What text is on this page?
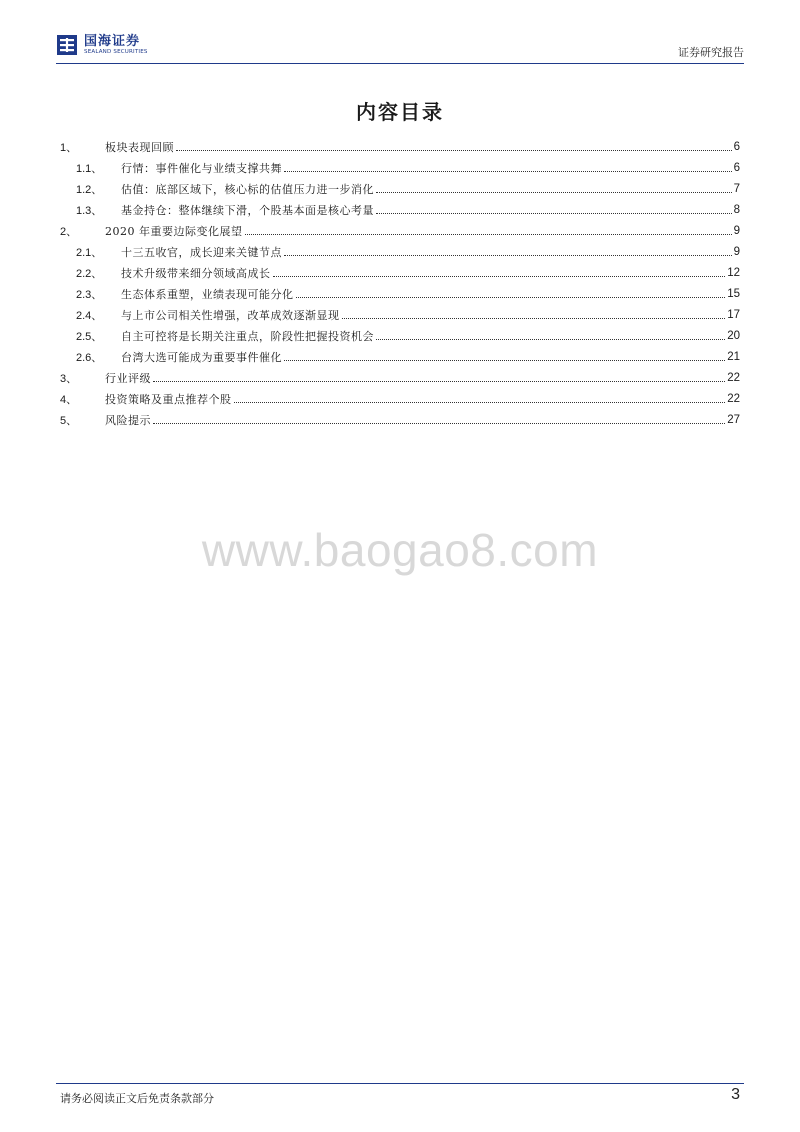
国海证券
SEALAND SECURITIES	证券研究报告
内容目录
1、	板块表现回顾	6
1.1、	行情：事件催化与业绩支撑共舞	6
1.2、	估值：底部区域下，核心标的估值压力进一步消化	7
1.3、	基金持仓：整体继续下滑，个股基本面是核心考量	8
2、	2020 年重要边际变化展望	9
2.1、	十三五收官，成长迎来关键节点	9
2.2、	技术升级带来细分领域高成长	12
2.3、	生态体系重塑，业绩表现可能分化	15
2.4、	与上市公司相关性增强，改革成效逐渐显现	17
2.5、	自主可控将是长期关注重点，阶段性把握投资机会	20
2.6、	台湾大选可能成为重要事件催化	21
3、	行业评级	22
4、	投资策略及重点推荐个股	22
5、	风险提示	27
www.baogao8.com
请务必阅读正文后免责条款部分	3
